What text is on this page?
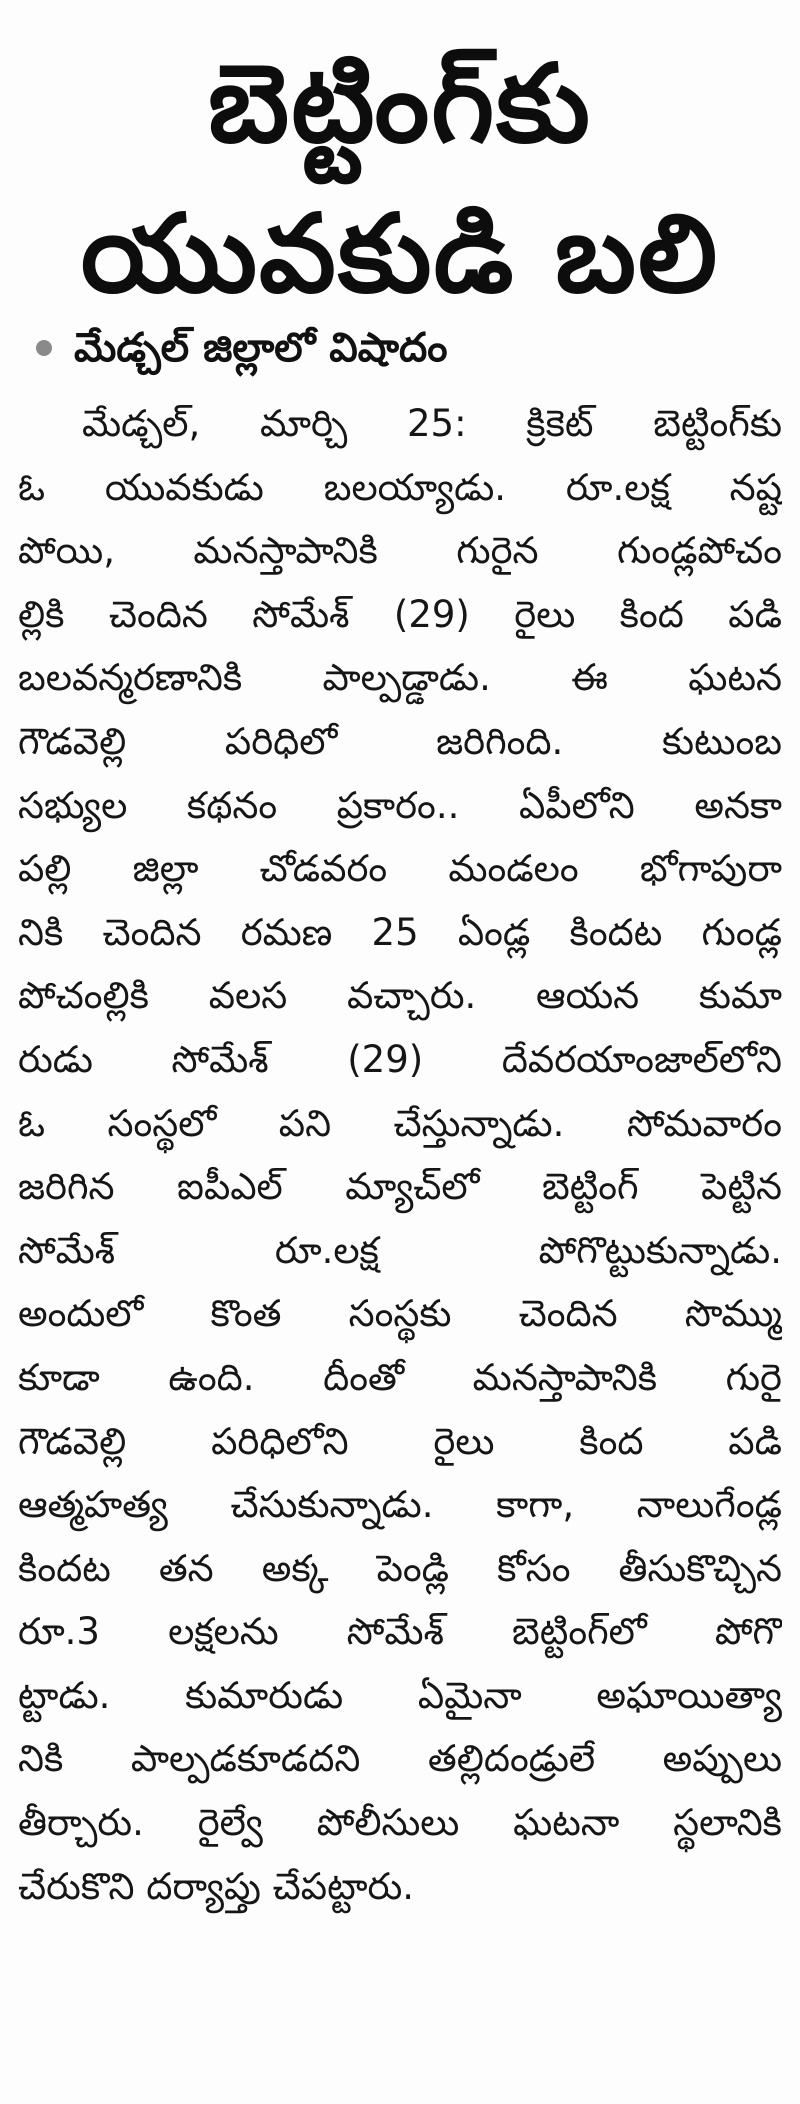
బెట్టింగ్‌కు
యువకుడి బలి
మేడ్చల్‌ జిల్లాలో విషాదం
మేడ్చల్‌, మార్చి 25: క్రికెట్‌ బెట్టింగ్‌కు
ఓ యువకుడు బలయ్యాడు. రూ.లక్ష నష్ట
పోయి, మనస్తాపానికి గురైన గుండ్లపోచం
ల్లికి చెందిన సోమేశ్‌ (29) రైలు కింద పడి
బలవన్మరణానికి పాల్పడ్డాడు. ఈ ఘటన
గౌడవెల్లి పరిధిలో జరిగింది. కుటుంబ
సభ్యుల కథనం ప్రకారం.. ఏపీలోని అనకా
పల్లి జిల్లా చోడవరం మండలం భోగాపురా
నికి చెందిన రమణ 25 ఏండ్ల కిందట గుండ్ల
పోచంల్లికి వలస వచ్చారు. ఆయన కుమా
రుడు సోమేశ్‌ (29) దేవరయాంజాల్‌లోని
ఓ సంస్థలో పని చేస్తున్నాడు. సోమవారం
జరిగిన ఐపీఎల్‌ మ్యాచ్‌లో బెట్టింగ్‌ పెట్టిన
సోమేశ్‌ రూ.లక్ష పోగొట్టుకున్నాడు.
అందులో కొంత సంస్థకు చెందిన సొమ్ము
కూడా ఉంది. దీంతో మనస్తాపానికి గురై
గౌడవెల్లి పరిధిలోని రైలు కింద పడి
ఆత్మహత్య చేసుకున్నాడు. కాగా, నాలుగేండ్ల
కిందట తన అక్క పెండ్లి కోసం తీసుకొచ్చిన
రూ.3 లక్షలను సోమేశ్‌ బెట్టింగ్‌లో పోగొ
ట్టాడు. కుమారుడు ఏమైనా అఘాయిత్యా
నికి పాల్పడకూడదని తల్లిదండ్రులే అప్పులు
తీర్చారు. రైల్వే పోలీసులు ఘటనా స్థలానికి
చేరుకొని దర్యాప్తు చేపట్టారు.
